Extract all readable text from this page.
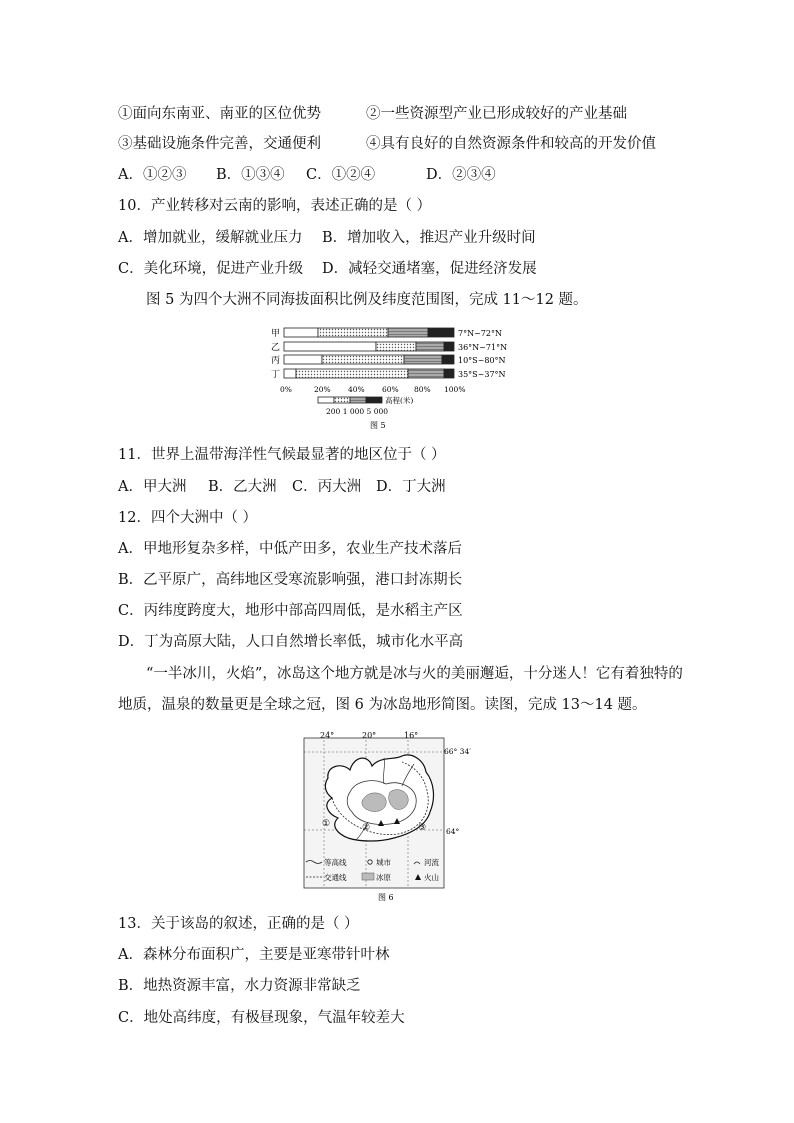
①面向东南亚、南亚的区位优势	②一些资源型产业已形成较好的产业基础
③基础设施条件完善，交通便利	④具有良好的自然资源条件和较高的开发价值
A．①②③ B．①③④ C．①②④	D．②③④
10．产业转移对云南的影响，表述正确的是（ ）
A．增加就业，缓解就业压力 B．增加收入，推迟产业升级时间
C．美化环境，促进产业升级 D．减轻交通堵塞，促进经济发展
图 5 为四个大洲不同海拔面积比例及纬度范围图，完成 11～12 题。
甲
乙
丙
丁
7°N~72°N
36°N~71°N
10°S~80°N
35°S~37°N
0%	20% 40% 60% 80% 100%
高程(米)
200 1 000 5 000
图 5
11．世界上温带海洋性气候最显著的地区位于（ ）
A．甲大洲 B．乙大洲 C．丙大洲 D．丁大洲
12．四个大洲中（ ）
A．甲地形复杂多样，中低产田多，农业生产技术落后
B．乙平原广，高纬地区受寒流影响强，港口封冻期长
C．丙纬度跨度大，地形中部高四周低，是水稻主产区
D．丁为高原大陆，人口自然增长率低，城市化水平高
“一半冰川，火焰”，冰岛这个地方就是冰与火的美丽邂逅，十分迷人！它有着独特的
地质，温泉的数量更是全球之冠，图 6 为冰岛地形简图。读图，完成 13～14 题。
24°	20°	16°
66° 34′
64°
①	②	③
等高线	城市	河流
交通线	冰原	火山
图 6
13．关于该岛的叙述，正确的是（ ）
A．森林分布面积广，主要是亚寒带针叶林
B．地热资源丰富，水力资源非常缺乏
C．地处高纬度，有极昼现象，气温年较差大
